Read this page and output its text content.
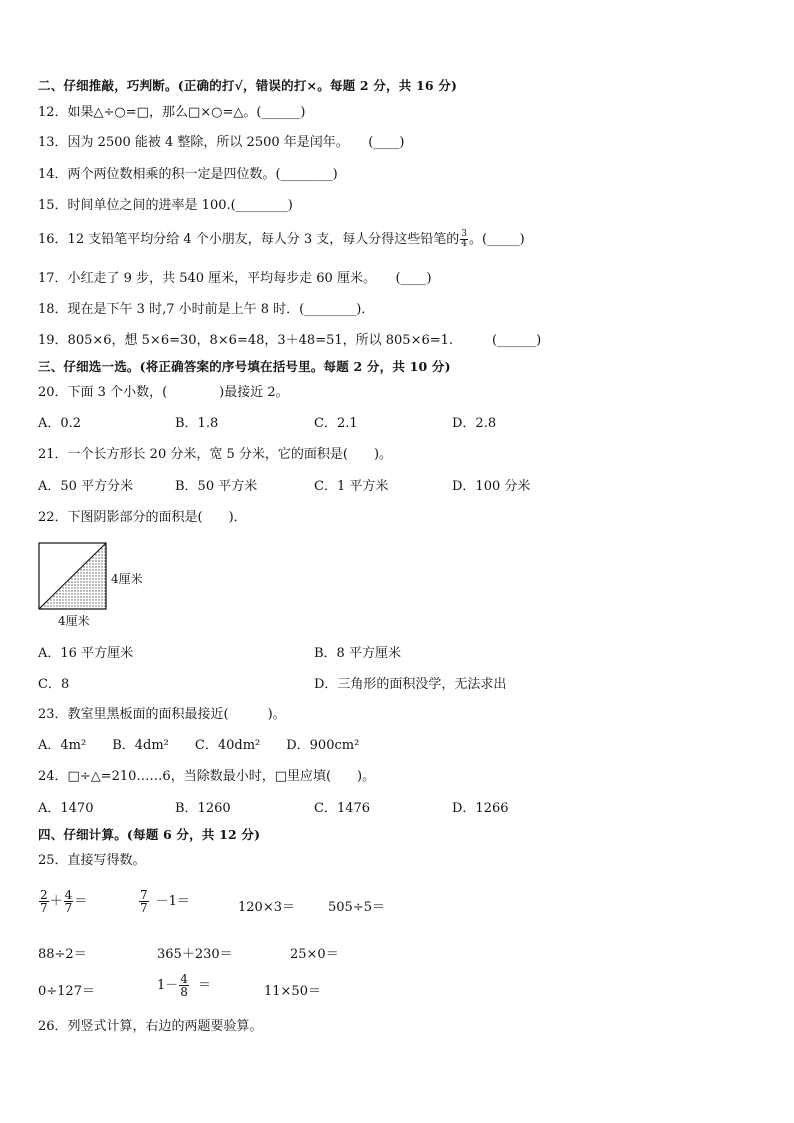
二、仔细推敲，巧判断。(正确的打√，错误的打×。每题 2 分，共 16 分)
12．如果△÷○=□，那么□×○=△。(______)
13．因为 2500 能被 4 整除，所以 2500 年是闰年。　　(____)
14．两个两位数相乘的积一定是四位数。(________)
15．时间单位之间的进率是 100.(________)
16．12 支铅笔平均分给 4 个小朋友，每人分 3 支，每人分得这些铅笔的 $\frac{3}{4}$ 。(_____)
17．小红走了 9 步，共 540 厘米，平均每步走 60 厘米。　　(____)
18．现在是下午 3 时,7 小时前是上午 8 时．(________)．
19．805×6，想 5×6=30，8×6=48，3＋48=51，所以 805×6=1.　　　(______)
三、仔细选一选。(将正确答案的序号填在括号里。每题 2 分，共 10 分)
20．下面 3 个小数，(　　　　)最接近 2。
A．0.2	B．1.8	C．2.1	D．2.8
21．一个长方形长 20 分米，宽 5 分米，它的面积是(　　)。
A．50 平方分米	B．50 平方米	C．1 平方米	D．100 分米
22．下图阴影部分的面积是(　　)．
4厘米
4厘米
A．16 平方厘米	B．8 平方厘米
C．8	D．三角形的面积没学，无法求出
23．教室里黑板面的面积最接近(　　　)。
A．4m²　　B．4dm²　　C．40dm²　　D．900cm²
24．□÷△=210……6，当除数最小时，□里应填(　　)。
A．1470	B．1260	C．1476	D．1266
四、仔细计算。(每题 6 分，共 12 分)
25．直接写得数。
$\frac{2}{7} + \frac{4}{7}$ ＝	$\frac{7}{7} -1=$	120×3＝	505÷5＝
88÷2＝	365＋230＝	25×0＝
0÷127＝	$1- \frac{4}{8}$ ＝	11×50＝
26．列竖式计算，右边的两题要验算。
